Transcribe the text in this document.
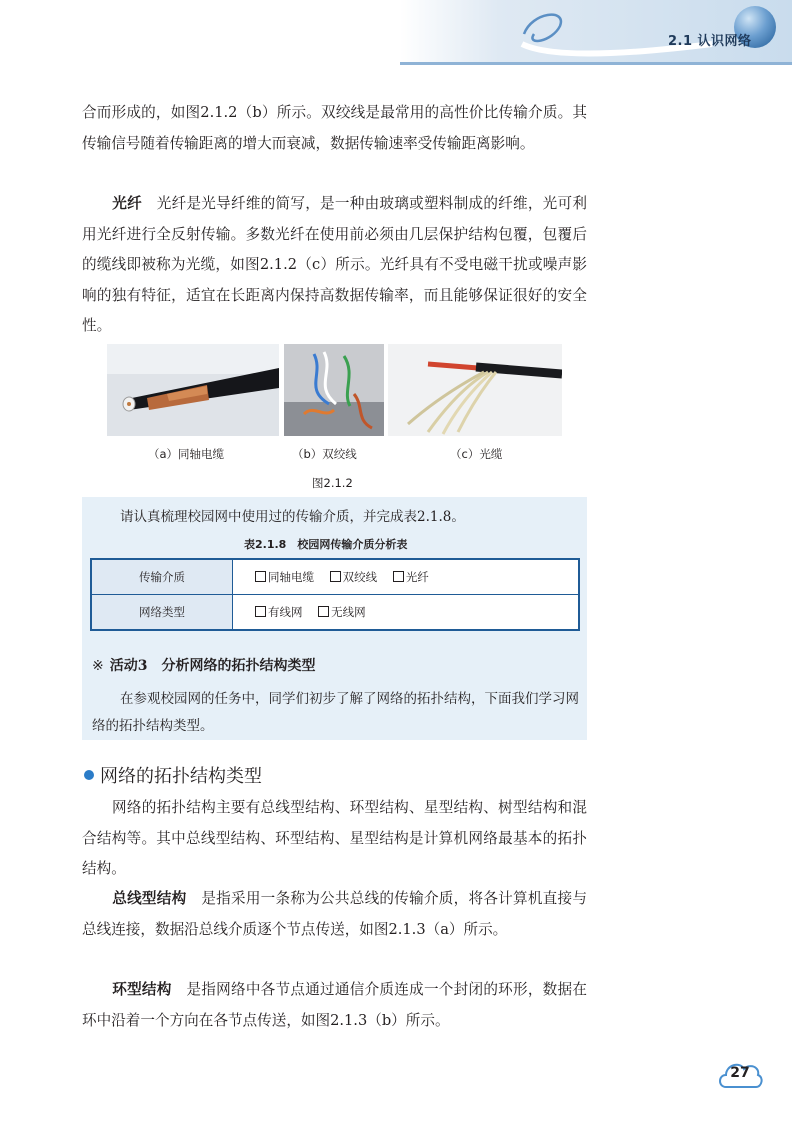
2.1 认识网络

合而形成的，如图2.1.2（b）所示。双绞线是最常用的高性价比传输介质。其传输信号随着传输距离的增大而衰减，数据传输速率受传输距离影响。

光纤　 光纤是光导纤维的简写，是一种由玻璃或塑料制成的纤维，光可利用光纤进行全反射传输。多数光纤在使用前必须由几层保护结构包覆，包覆后的缆线即被称为光缆，如图2.1.2（c）所示。光纤具有不受电磁干扰或噪声影响的独有特征，适宜在长距离内保持高数据传输率，而且能够保证很好的安全性。

（a）同轴电缆	（b）双绞线	（c）光缆
图2.1.2
请认真梳理校园网中使用过的传输介质，并完成表2.1.8。
表2.1.8　校园网传输介质分析表
传输介质	同轴电缆 双绞线 光纤
网络类型	有线网 无线网
※ 活动3　分析网络的拓扑结构类型

在参观校园网的任务中，同学们初步了解了网络的拓扑结构，下面我们学习网络的拓扑结构类型。

网络的拓扑结构类型

网络的拓扑结构主要有总线型结构、环型结构、星型结构、树型结构和混合结构等。其中总线型结构、环型结构、星型结构是计算机网络最基本的拓扑结构。

总线型结构　 是指采用一条称为公共总线的传输介质，将各计算机直接与总线连接，数据沿总线介质逐个节点传送，如图2.1.3（a）所示。

环型结构　 是指网络中各节点通过通信介质连成一个封闭的环形，数据在环中沿着一个方向在各节点传送，如图2.1.3（b）所示。

27
